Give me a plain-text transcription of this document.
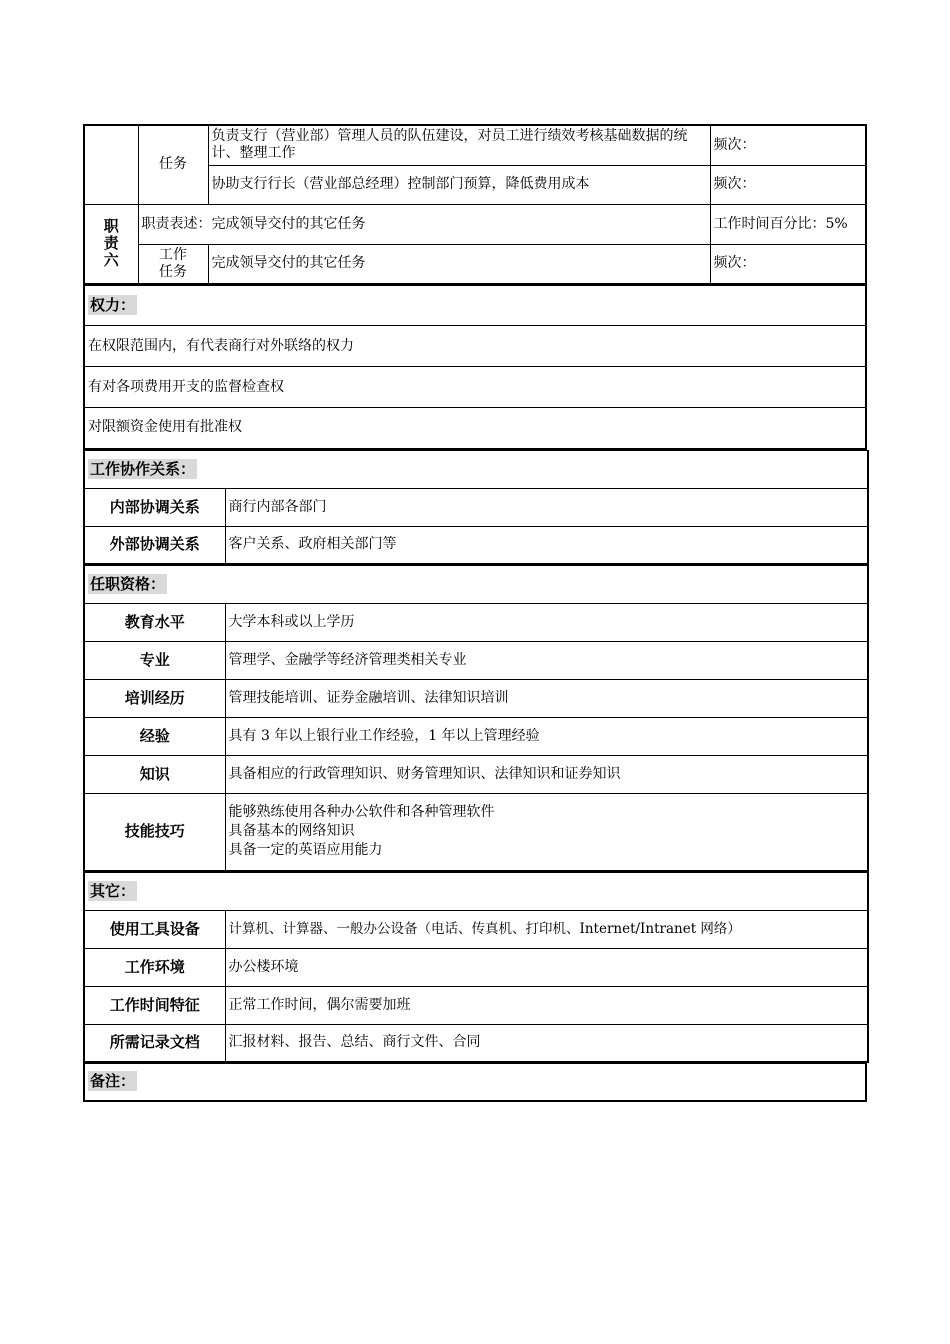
	任务	负责支行（营业部）管理人员的队伍建设，对员工进行绩效考核基础数据的统计、整理工作	频次：
		协助支行行长（营业部总经理）控制部门预算，降低费用成本	频次：

职
责
六	职责表述：完成领导交付的其它任务		工作时间百分比：5%

	工作
任务	完成领导交付的其它任务	频次：
权力：
在权限范围内，有代表商行对外联络的权力
有对各项费用开支的监督检查权
对限额资金使用有批准权
工作协作关系：	
内部协调关系	商行内部各部门
外部协调关系	客户关系、政府相关部门等
任职资格：	
教育水平	大学本科或以上学历
专业	管理学、金融学等经济管理类相关专业
培训经历	管理技能培训、证券金融培训、法律知识培训
经验	具有 3 年以上银行业工作经验，1 年以上管理经验
知识	具备相应的行政管理知识、财务管理知识、法律知识和证券知识
技能技巧	能够熟练使用各种办公软件和各种管理软件
具备基本的网络知识
具备一定的英语应用能力
其它：	
使用工具设备	计算机、计算器、一般办公设备（电话、传真机、打印机、Internet/Intranet 网络）
工作环境	办公楼环境
工作时间特征	正常工作时间，偶尔需要加班
所需记录文档	汇报材料、报告、总结、商行文件、合同
备注：
